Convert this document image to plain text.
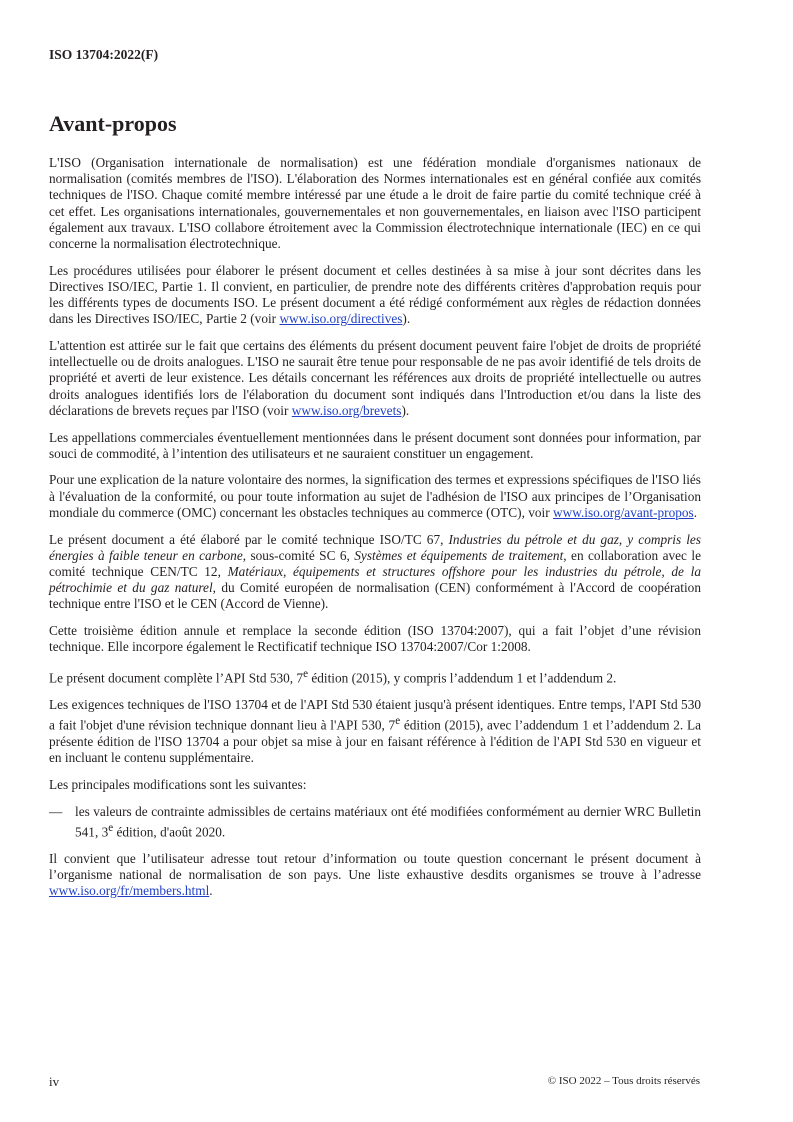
ISO 13704:2022(F)
Avant-propos

L'ISO (Organisation internationale de normalisation) est une fédération mondiale d'organismes nationaux de normalisation (comités membres de l'ISO). L'élaboration des Normes internationales est en général confiée aux comités techniques de l'ISO. Chaque comité membre intéressé par une étude a le droit de faire partie du comité technique créé à cet effet. Les organisations internationales, gouvernementales et non gouvernementales, en liaison avec l'ISO participent également aux travaux. L'ISO collabore étroitement avec la Commission électrotechnique internationale (IEC) en ce qui concerne la normalisation électrotechnique.

Les procédures utilisées pour élaborer le présent document et celles destinées à sa mise à jour sont décrites dans les Directives ISO/IEC, Partie 1. Il convient, en particulier, de prendre note des différents critères d'approbation requis pour les différents types de documents ISO. Le présent document a été rédigé conformément aux règles de rédaction données dans les Directives ISO/IEC, Partie 2 (voir www.iso.org/directives).

L'attention est attirée sur le fait que certains des éléments du présent document peuvent faire l'objet de droits de propriété intellectuelle ou de droits analogues. L'ISO ne saurait être tenue pour responsable de ne pas avoir identifié de tels droits de propriété et averti de leur existence. Les détails concernant les références aux droits de propriété intellectuelle ou autres droits analogues identifiés lors de l'élaboration du document sont indiqués dans l'Introduction et/ou dans la liste des déclarations de brevets reçues par l'ISO (voir www.iso.org/brevets).

Les appellations commerciales éventuellement mentionnées dans le présent document sont données pour information, par souci de commodité, à l’intention des utilisateurs et ne sauraient constituer un engagement.

Pour une explication de la nature volontaire des normes, la signification des termes et expressions spécifiques de l'ISO liés à l'évaluation de la conformité, ou pour toute information au sujet de l'adhésion de l'ISO aux principes de l’Organisation mondiale du commerce (OMC) concernant les obstacles techniques au commerce (OTC), voir www.iso.org/avant-propos.

Le présent document a été élaboré par le comité technique ISO/TC 67, Industries du pétrole et du gaz, y compris les énergies à faible teneur en carbone, sous-comité SC 6, Systèmes et équipements de traitement, en collaboration avec le comité technique CEN/TC 12, Matériaux, équipements et structures offshore pour les industries du pétrole, de la pétrochimie et du gaz naturel, du Comité européen de normalisation (CEN) conformément à l'Accord de coopération technique entre l'ISO et le CEN (Accord de Vienne).

Cette troisième édition annule et remplace la seconde édition (ISO 13704:2007), qui a fait l’objet d’une révision technique. Elle incorpore également le Rectificatif technique ISO 13704:2007/Cor 1:2008.

Le présent document complète l’API Std 530, 7e édition (2015), y compris l’addendum 1 et l’addendum 2.

Les exigences techniques de l'ISO 13704 et de l'API Std 530 étaient jusqu'à présent identiques. Entre temps, l'API Std 530 a fait l'objet d'une révision technique donnant lieu à l'API 530, 7e édition (2015), avec l’addendum 1 et l’addendum 2. La présente édition de l'ISO 13704 a pour objet sa mise à jour en faisant référence à l'édition de l'API Std 530 en vigueur et en incluant le contenu supplémentaire.

Les principales modifications sont les suivantes:

— les valeurs de contrainte admissibles de certains matériaux ont été modifiées conformément au dernier WRC Bulletin 541, 3e édition, d'août 2020.

Il convient que l’utilisateur adresse tout retour d’information ou toute question concernant le présent document à l’organisme national de normalisation de son pays. Une liste exhaustive desdits organismes se trouve à l’adresse www.iso.org/fr/members.html.

iv	© ISO 2022 – Tous droits réservés
